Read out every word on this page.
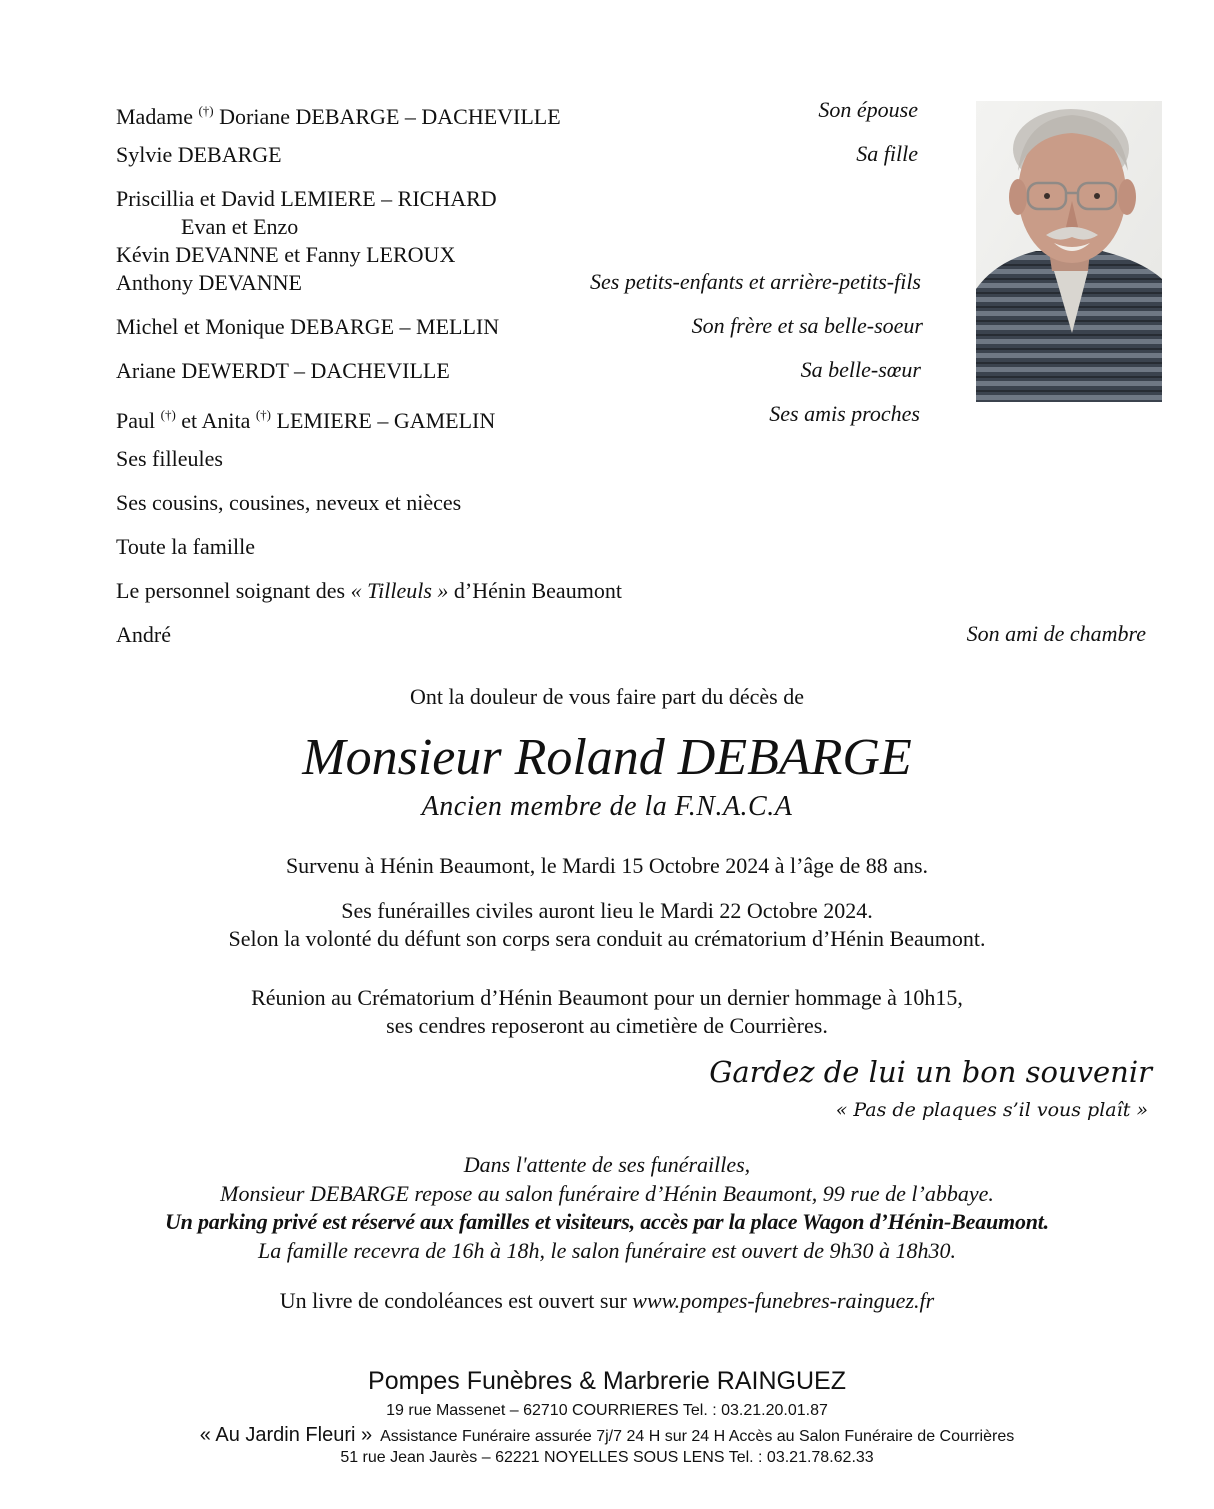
Madame (†) Doriane DEBARGE – DACHEVILLE	Son épouse
Sylvie DEBARGE	Sa fille
Priscillia et David LEMIERE – RICHARD
Evan et Enzo
Kévin DEVANNE et Fanny LEROUX
Anthony DEVANNE	Ses petits-enfants et arrière-petits-fils
Michel et Monique DEBARGE – MELLIN	Son frère et sa belle-soeur
Ariane DEWERDT – DACHEVILLE	Sa belle-sœur
Paul (†) et Anita (†) LEMIERE – GAMELIN	Ses amis proches
Ses filleules
Ses cousins, cousines, neveux et nièces
Toute la famille
Le personnel soignant des « Tilleuls » d’Hénin Beaumont
André	Son ami de chambre
Ont la douleur de vous faire part du décès de
Monsieur Roland DEBARGE
Ancien membre de la F.N.A.C.A
Survenu à Hénin Beaumont, le Mardi 15 Octobre 2024 à l’âge de 88 ans.
Ses funérailles civiles auront lieu le Mardi 22 Octobre 2024.
Selon la volonté du défunt son corps sera conduit au crématorium d’Hénin Beaumont.
Réunion au Crématorium d’Hénin Beaumont pour un dernier hommage à 10h15,
ses cendres reposeront au cimetière de Courrières.
Gardez de lui un bon souvenir
« Pas de plaques s’il vous plaît »
Dans l'attente de ses funérailles,
Monsieur DEBARGE repose au salon funéraire d’Hénin Beaumont, 99 rue de l’abbaye.
Un parking privé est réservé aux familles et visiteurs, accès par la place Wagon d’Hénin-Beaumont.
La famille recevra de 16h à 18h, le salon funéraire est ouvert de 9h30 à 18h30.
Un livre de condoléances est ouvert sur www.pompes-funebres-rainguez.fr
Pompes Funèbres & Marbrerie RAINGUEZ
19 rue Massenet – 62710 COURRIERES Tel. : 03.21.20.01.87
« Au Jardin Fleuri » Assistance Funéraire assurée 7j/7 24 H sur 24 H Accès au Salon Funéraire de Courrières
51 rue Jean Jaurès – 62221 NOYELLES SOUS LENS Tel. : 03.21.78.62.33
